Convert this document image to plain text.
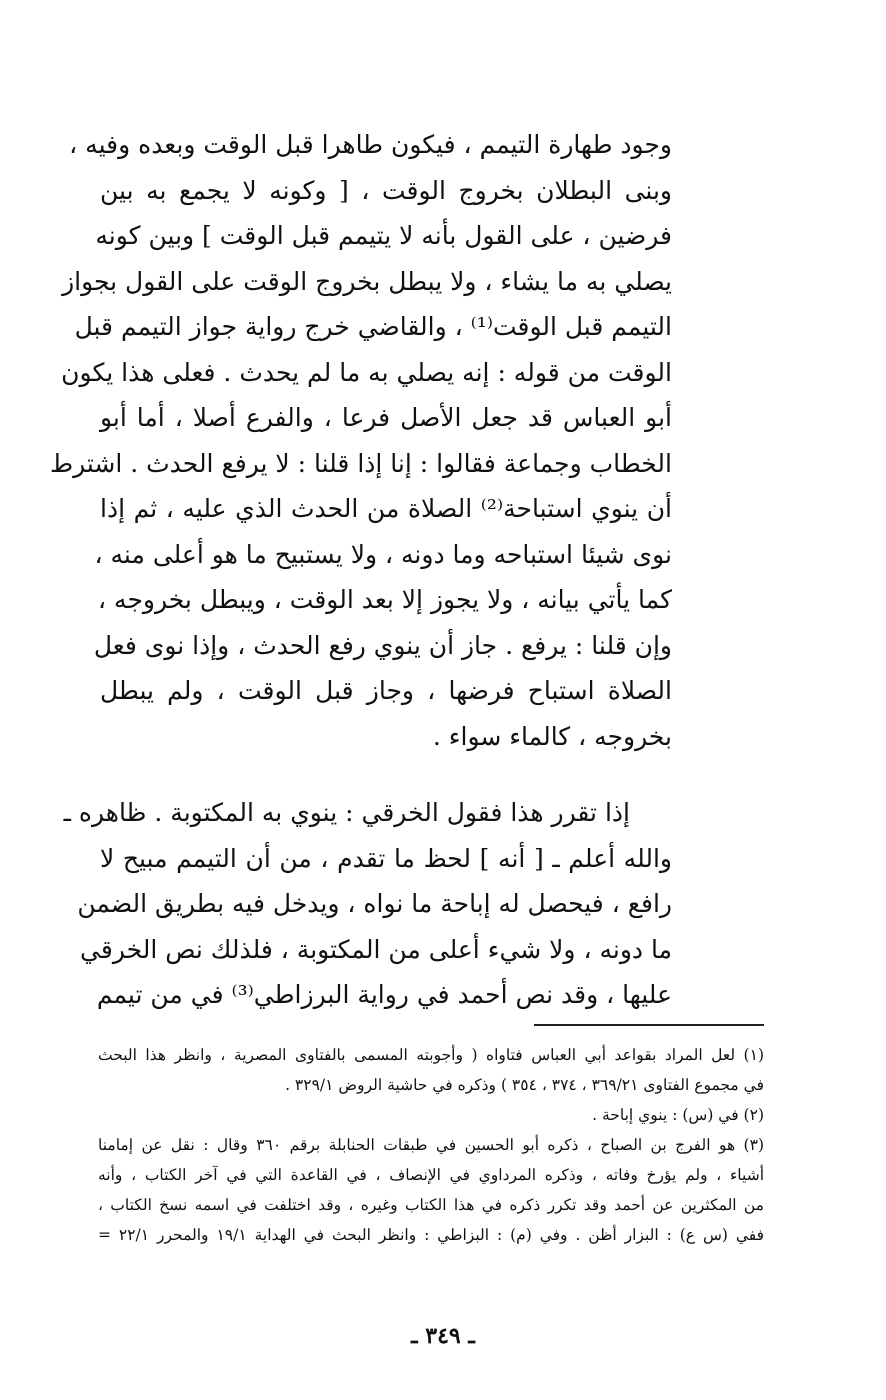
وجود طهارة التيمم ، فيكون طاهرا قبل الوقت وبعده وفيه ،
وبنى البطلان بخروج الوقت ، [ وكونه لا يجمع به بين
فرضين ، على القول بأنه لا يتيمم قبل الوقت ] وبين كونه
يصلي به ما يشاء ، ولا يبطل بخروج الوقت على القول بجواز
التيمم قبل الوقت⁽¹⁾ ، والقاضي خرج رواية جواز التيمم قبل
الوقت من قوله : إنه يصلي به ما لم يحدث . فعلى هذا يكون
أبو العباس قد جعل الأصل فرعا ، والفرع أصلا ، أما أبو
الخطاب وجماعة فقالوا : إنا إذا قلنا : لا يرفع الحدث . اشترط
أن ينوي استباحة⁽²⁾ الصلاة من الحدث الذي عليه ، ثم إذا
نوى شيئا استباحه وما دونه ، ولا يستبيح ما هو أعلى منه ،
كما يأتي بيانه ، ولا يجوز إلا بعد الوقت ، ويبطل بخروجه ،
وإن قلنا : يرفع . جاز أن ينوي رفع الحدث ، وإذا نوى فعل
الصلاة استباح فرضها ، وجاز قبل الوقت ، ولم يبطل
بخروجه ، كالماء سواء .
إذا تقرر هذا فقول الخرقي : ينوي به المكتوبة . ظاهره ـ
والله أعلم ـ [ أنه ] لحظ ما تقدم ، من أن التيمم مبيح لا
رافع ، فيحصل له إباحة ما نواه ، ويدخل فيه بطريق الضمن
ما دونه ، ولا شيء أعلى من المكتوبة ، فلذلك نص الخرقي
عليها ، وقد نص أحمد في رواية البرزاطي⁽³⁾ في من تيمم
(١) لعل المراد بقواعد أبي العباس فتاواه ( وأجوبته المسمى بالفتاوى المصرية ، وانظر هذا البحث
في مجموع الفتاوى ٣٦٩/٢١ ، ٣٧٤ ، ٣٥٤ ) وذكره في حاشية الروض ٣٢٩/١ .
(٢) في (س) : ينوي إباحة .
(٣) هو الفرج بن الصباح ، ذكره أبو الحسين في طبقات الحنابلة برقم ٣٦٠ وقال : نقل عن إمامنا
أشياء ، ولم يؤرخ وفاته ، وذكره المرداوي في الإنصاف ، في القاعدة التي في آخر الكتاب ، وأنه
من المكثرين عن أحمد وقد تكرر ذكره في هذا الكتاب وغيره ، وقد اختلفت في اسمه نسخ الكتاب ،
ففي (س ع) : البزار أظن . وفي (م) : البزاطي : وانظر البحث في الهداية ١٩/١ والمحرر ٢٢/١ =
ـ ٣٤٩ ـ
